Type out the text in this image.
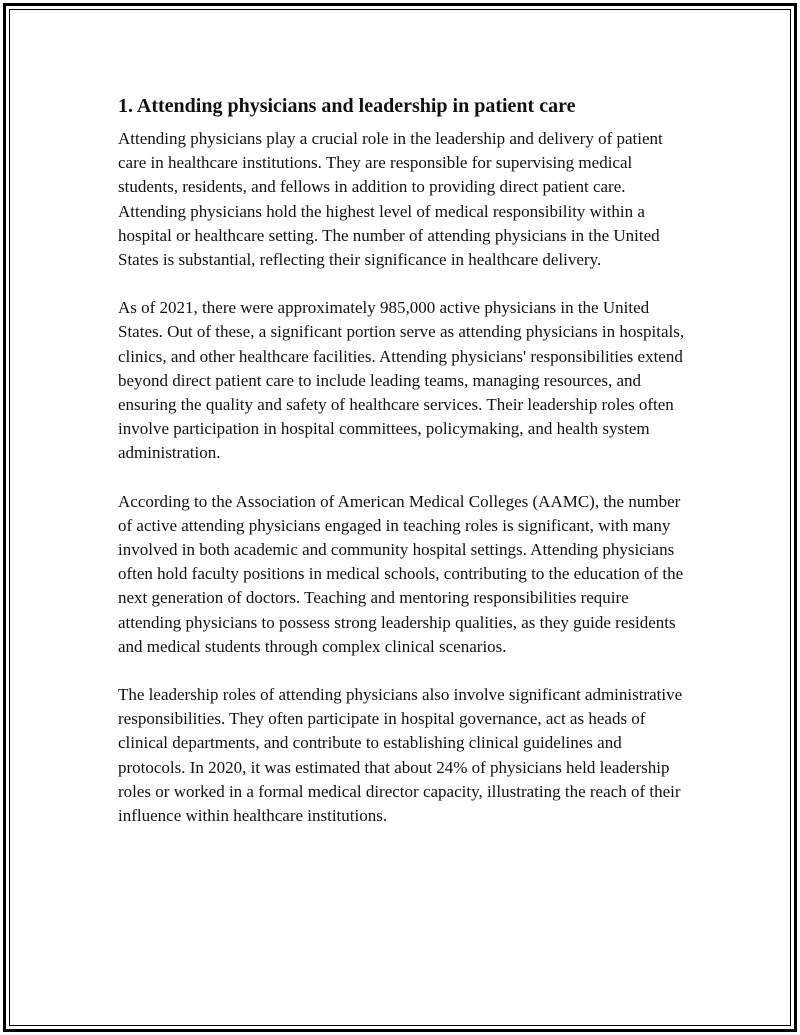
1. Attending physicians and leadership in patient care

Attending physicians play a crucial role in the leadership and delivery of patient care in healthcare institutions. They are responsible for supervising medical students, residents, and fellows in addition to providing direct patient care. Attending physicians hold the highest level of medical responsibility within a hospital or healthcare setting. The number of attending physicians in the United States is substantial, reflecting their significance in healthcare delivery.

As of 2021, there were approximately 985,000 active physicians in the United States. Out of these, a significant portion serve as attending physicians in hospitals, clinics, and other healthcare facilities. Attending physicians' responsibilities extend beyond direct patient care to include leading teams, managing resources, and ensuring the quality and safety of healthcare services. Their leadership roles often involve participation in hospital committees, policymaking, and health system administration.

According to the Association of American Medical Colleges (AAMC), the number of active attending physicians engaged in teaching roles is significant, with many involved in both academic and community hospital settings. Attending physicians often hold faculty positions in medical schools, contributing to the education of the next generation of doctors. Teaching and mentoring responsibilities require attending physicians to possess strong leadership qualities, as they guide residents and medical students through complex clinical scenarios.

The leadership roles of attending physicians also involve significant administrative responsibilities. They often participate in hospital governance, act as heads of clinical departments, and contribute to establishing clinical guidelines and protocols. In 2020, it was estimated that about 24% of physicians held leadership roles or worked in a formal medical director capacity, illustrating the reach of their influence within healthcare institutions.
